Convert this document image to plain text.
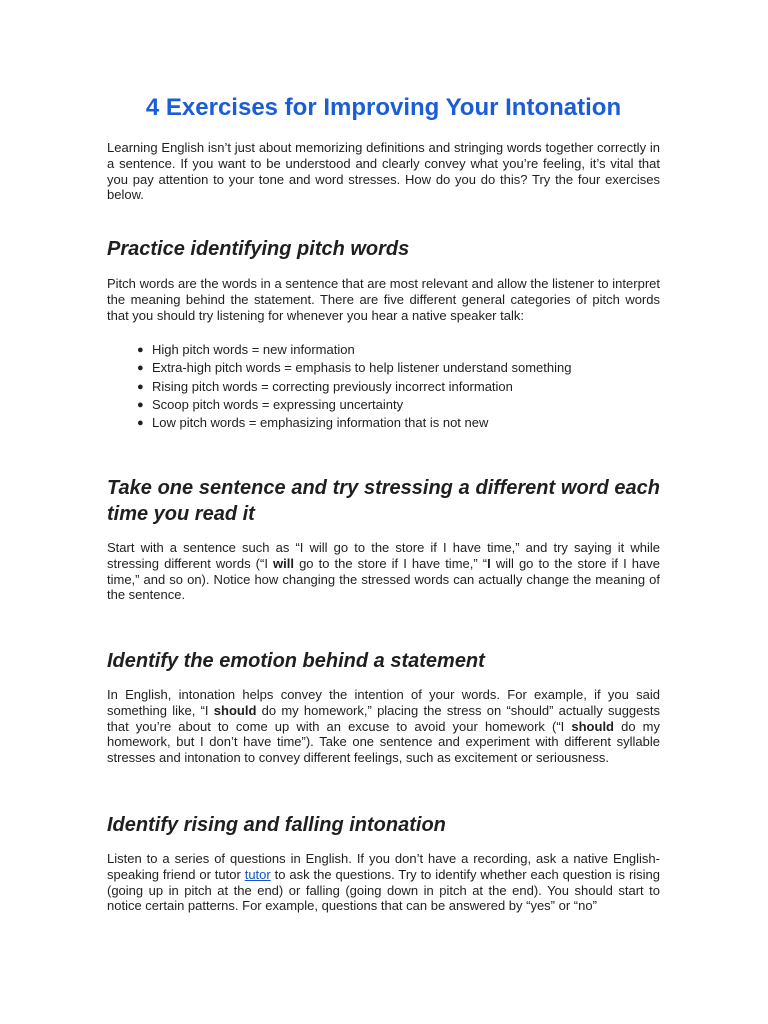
4 Exercises for Improving Your Intonation

Learning English isn’t just about memorizing definitions and stringing words together correctly in a sentence. If you want to be understood and clearly convey what you’re feeling, it’s vital that you pay attention to your tone and word stresses. How do you do this? Try the four exercises below.

Practice identifying pitch words

Pitch words are the words in a sentence that are most relevant and allow the listener to interpret the meaning behind the statement. There are five different general categories of pitch words that you should try listening for whenever you hear a native speaker talk:

● High pitch words = new information
● Extra-high pitch words = emphasis to help listener understand something
● Rising pitch words = correcting previously incorrect information
● Scoop pitch words = expressing uncertainty
● Low pitch words = emphasizing information that is not new
Take one sentence and try stressing a different word each time you read it

Start with a sentence such as “I will go to the store if I have time,” and try saying it while stressing different words (“I will go to the store if I have time,” “I will go to the store if I have time,” and so on). Notice how changing the stressed words can actually change the meaning of the sentence.

Identify the emotion behind a statement

In English, intonation helps convey the intention of your words. For example, if you said something like, “I should do my homework,” placing the stress on “should” actually suggests that you’re about to come up with an excuse to avoid your homework (“I should do my homework, but I don’t have time”). Take one sentence and experiment with different syllable stresses and intonation to convey different feelings, such as excitement or seriousness.

Identify rising and falling intonation

Listen to a series of questions in English. If you don’t have a recording, ask a native English-speaking friend or tutor tutor to ask the questions. Try to identify whether each question is rising (going up in pitch at the end) or falling (going down in pitch at the end). You should start to notice certain patterns. For example, questions that can be answered by “yes” or “no”
